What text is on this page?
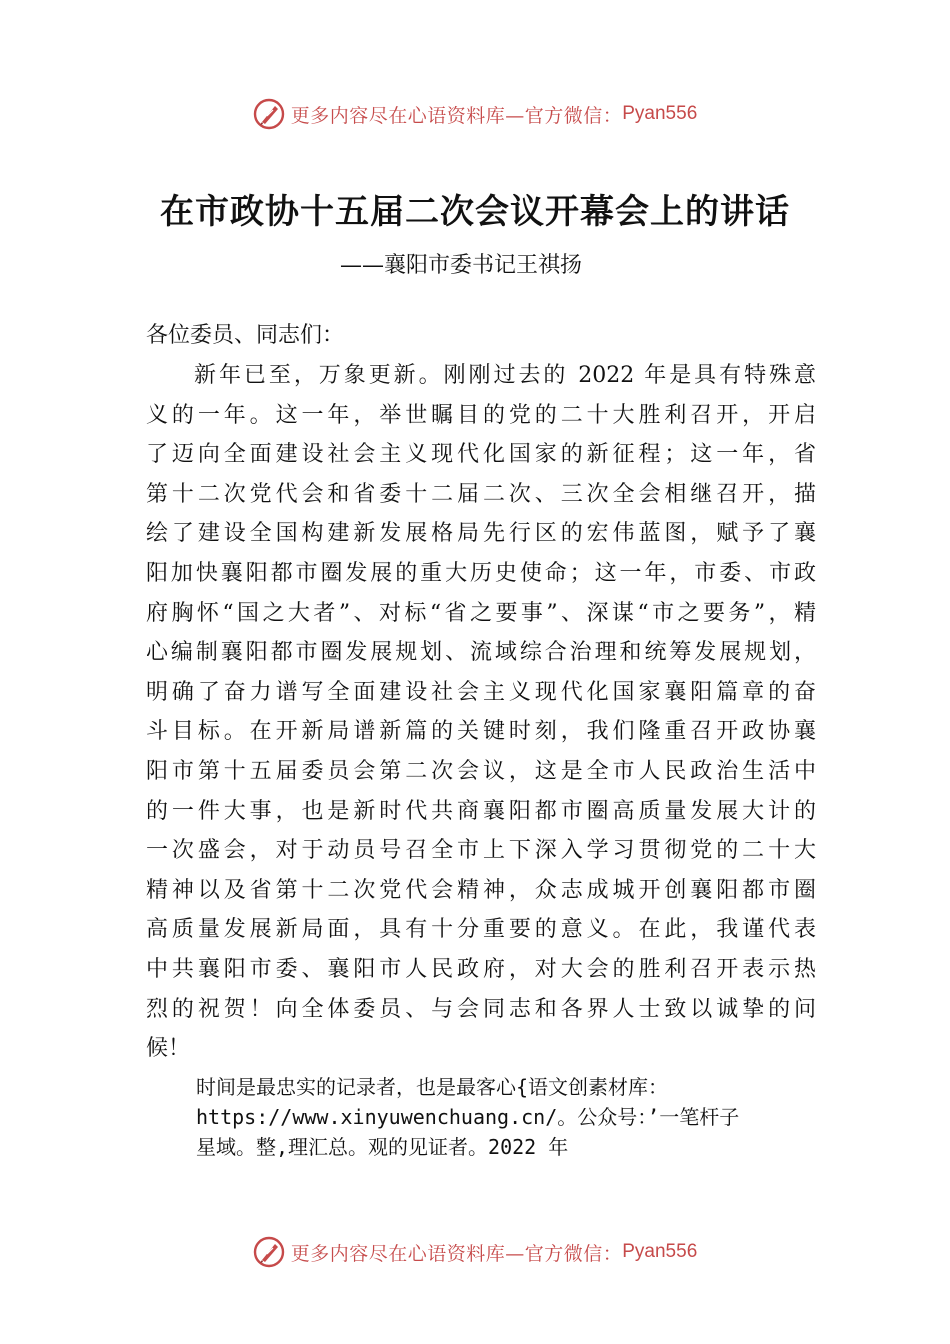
更多内容尽在心语资料库—官方微信： Pyan556
在市政协十五届二次会议开幕会上的讲话
——襄阳市委书记王祺扬
各位委员、同志们：
新年已至，万象更新。刚刚过去的 2022 年是具有特殊意
义的一年。这一年，举世瞩目的党的二十大胜利召开，开启
了迈向全面建设社会主义现代化国家的新征程；这一年，省
第十二次党代会和省委十二届二次、三次全会相继召开，描
绘了建设全国构建新发展格局先行区的宏伟蓝图，赋予了襄
阳加快襄阳都市圈发展的重大历史使命；这一年，市委、市政
府胸怀“国之大者”、对标“省之要事”、深谋“市之要务”，精
心编制襄阳都市圈发展规划、流域综合治理和统筹发展规划，
明确了奋力谱写全面建设社会主义现代化国家襄阳篇章的奋
斗目标。在开新局谱新篇的关键时刻，我们隆重召开政协襄
阳市第十五届委员会第二次会议，这是全市人民政治生活中
的一件大事，也是新时代共商襄阳都市圈高质量发展大计的
一次盛会，对于动员号召全市上下深入学习贯彻党的二十大
精神以及省第十二次党代会精神，众志成城开创襄阳都市圈
高质量发展新局面，具有十分重要的意义。在此，我谨代表
中共襄阳市委、襄阳市人民政府，对大会的胜利召开表示热
烈的祝贺！向全体委员、与会同志和各界人士致以诚挚的问
候！
时间是最忠实的记录者，也是最客心{语文创素材库：
https://www.xinyuwenchuang.cn/。公众号：’一笔杆子
星域。整,理汇总。观的见证者。2022 年
更多内容尽在心语资料库—官方微信： Pyan556
